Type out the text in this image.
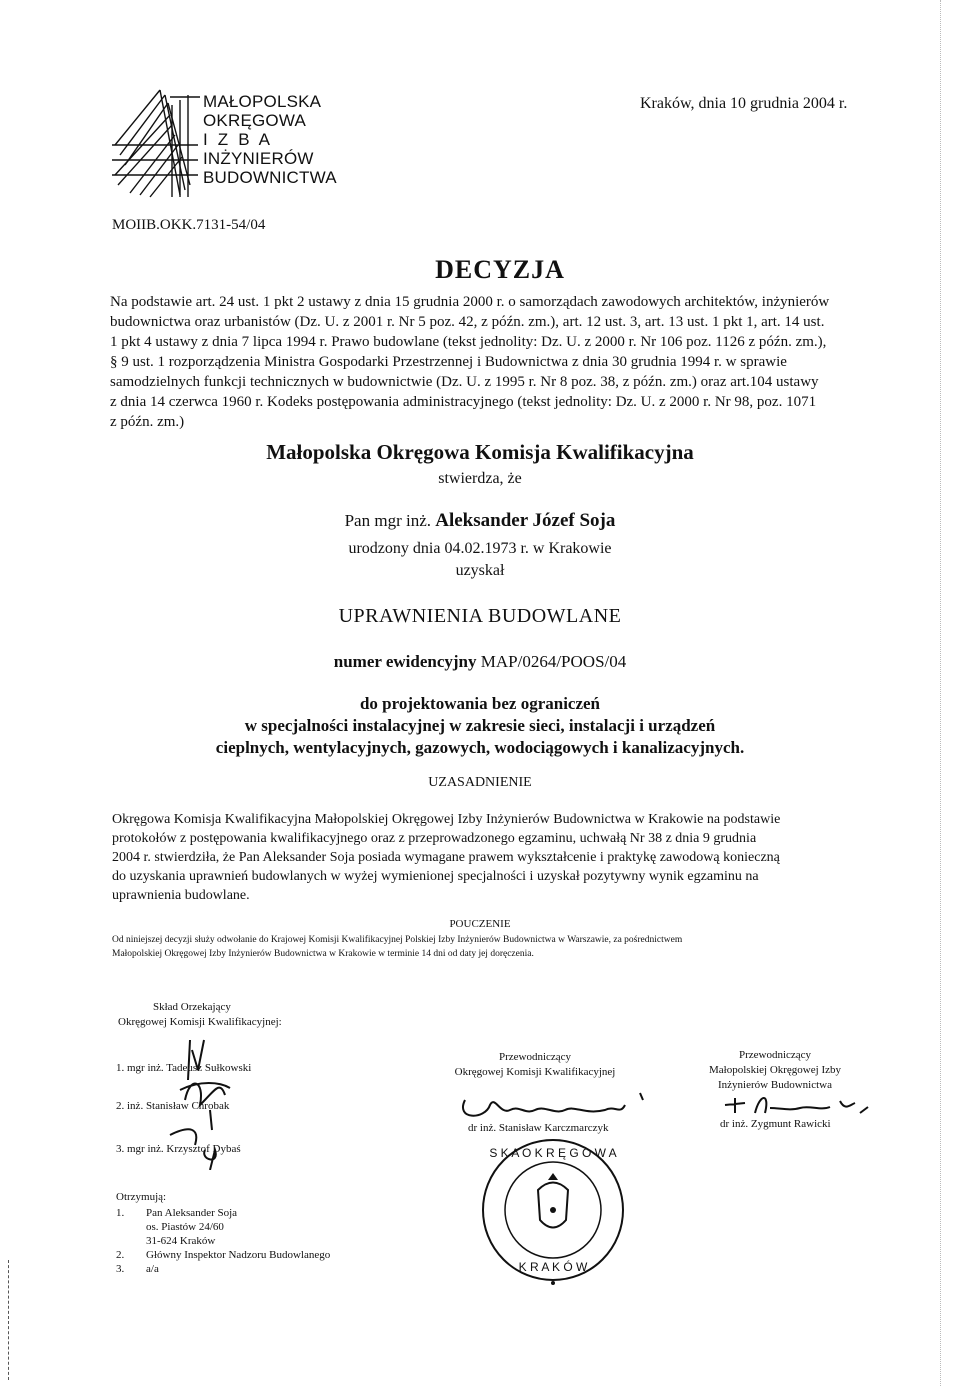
MAŁOPOLSKA
OKRĘGOWA
I  Z  B  A
INŻYNIERÓW
BUDOWNICTWA
Kraków, dnia 10 grudnia 2004 r.
MOIIB.OKK.7131-54/04
DECYZJA
Na podstawie art. 24 ust. 1 pkt 2 ustawy z dnia 15 grudnia 2000 r. o samorządach zawodowych architektów, inżynierów
budownictwa oraz urbanistów (Dz. U. z 2001 r. Nr 5 poz. 42, z późn. zm.), art. 12 ust. 3, art. 13 ust. 1 pkt 1, art. 14 ust.
1 pkt 4 ustawy z dnia 7 lipca 1994 r. Prawo budowlane (tekst jednolity: Dz. U. z 2000 r. Nr 106 poz. 1126 z późn. zm.),
§ 9 ust. 1 rozporządzenia Ministra Gospodarki Przestrzennej i Budownictwa z dnia 30 grudnia 1994 r. w sprawie
samodzielnych funkcji technicznych w budownictwie (Dz. U. z 1995 r. Nr 8 poz. 38, z późn. zm.) oraz art.104 ustawy
z dnia 14 czerwca 1960 r. Kodeks postępowania administracyjnego (tekst jednolity: Dz. U. z 2000 r. Nr 98, poz. 1071
z późn. zm.)
Małopolska Okręgowa Komisja Kwalifikacyjna
stwierdza, że
Pan mgr inż. Aleksander Józef Soja
urodzony dnia 04.02.1973 r. w Krakowie
uzyskał
UPRAWNIENIA BUDOWLANE
numer ewidencyjny MAP/0264/POOS/04
do projektowania bez ograniczeń
w specjalności instalacyjnej w zakresie sieci, instalacji i urządzeń
cieplnych, wentylacyjnych, gazowych, wodociągowych i kanalizacyjnych.
UZASADNIENIE
Okręgowa Komisja Kwalifikacyjna Małopolskiej Okręgowej Izby Inżynierów Budownictwa w Krakowie na podstawie
protokołów z postępowania kwalifikacyjnego oraz z przeprowadzonego egzaminu, uchwałą Nr 38 z dnia 9 grudnia
2004 r. stwierdziła, że Pan Aleksander Soja posiada wymagane prawem wykształcenie i praktykę zawodową konieczną
do uzyskania uprawnień budowlanych w wyżej wymienionej specjalności i uzyskał pozytywny wynik egzaminu na
uprawnienia budowlane.
POUCZENIE
Od niniejszej decyzji służy odwołanie do Krajowej Komisji Kwalifikacyjnej Polskiej Izby Inżynierów Budownictwa w Warszawie, za pośrednictwem
Małopolskiej Okręgowej Izby Inżynierów Budownictwa w Krakowie w terminie 14 dni od daty jej doręczenia.
Skład Orzekający
Okręgowej Komisji Kwalifikacyjnej:
1. mgr inż. Tadeusz Sułkowski
2. inż. Stanisław Chrobak
3. mgr inż. Krzysztof Dybaś
Przewodniczący
Okręgowej Komisji Kwalifikacyjnej
dr inż. Stanisław Karczmarczyk
Przewodniczący
Małopolskiej Okręgowej Izby
Inżynierów Budownictwa
dr inż. Zygmunt Rawicki
S K A O K R Ę G O W A
K R A K Ó W
Otrzymują:
1.	Pan Aleksander Soja
os. Piastów 24/60
31-624 Kraków
2.	Główny Inspektor Nadzoru Budowlanego
3.	a/a
